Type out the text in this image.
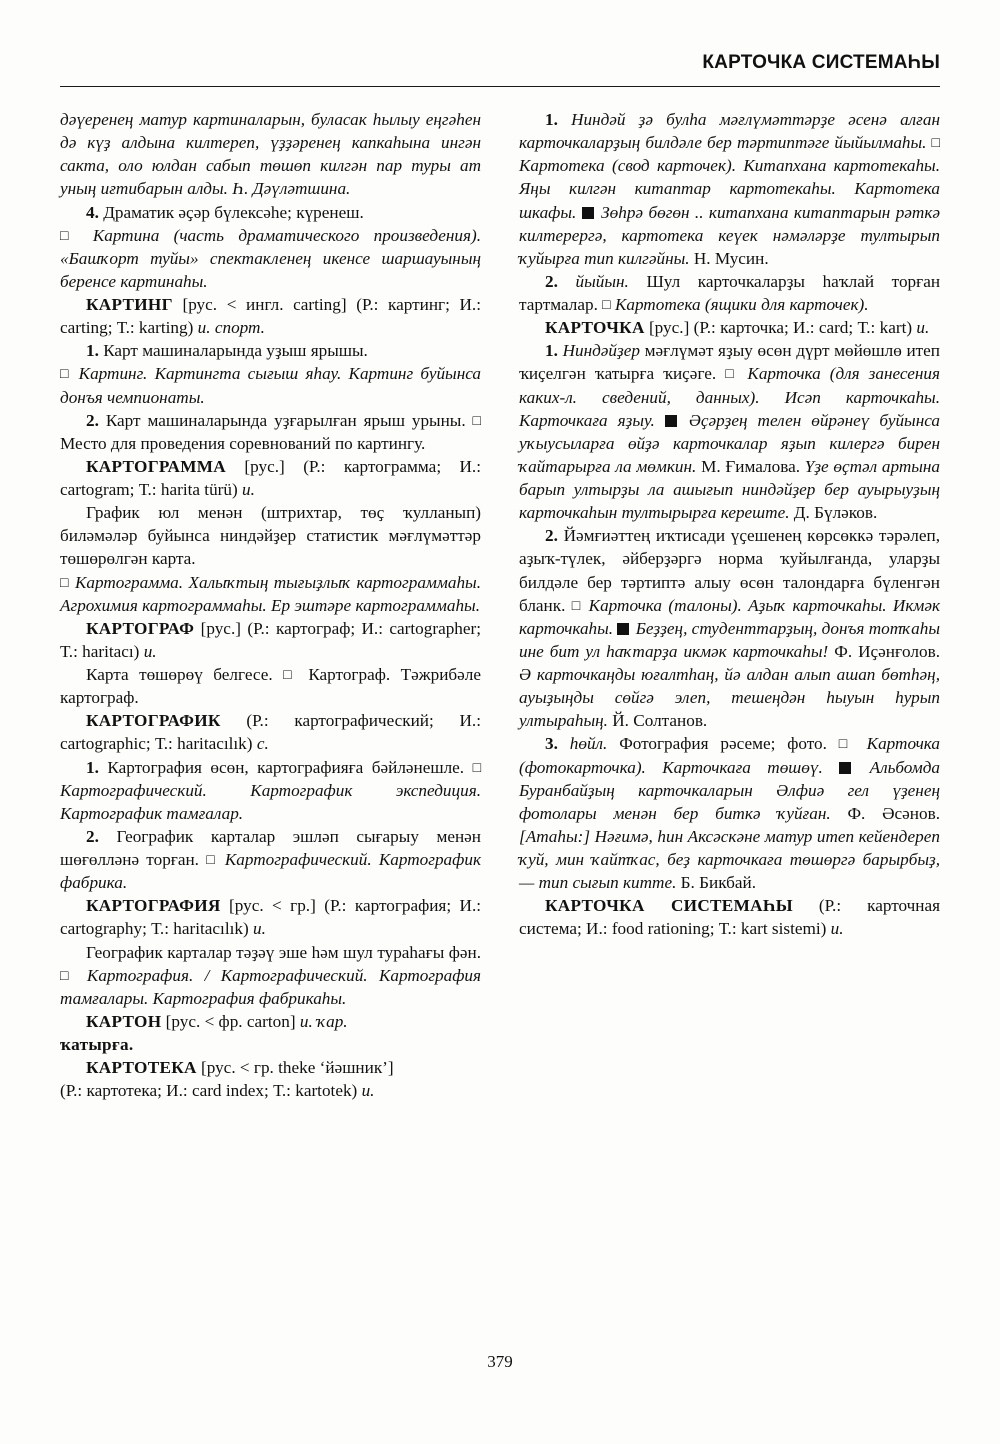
КАРТОЧКА СИСТЕМАҺЫ

дәүеренең матур картиналарын, буласак һылыу еңгәһен дә күҙ алдына килтереп, үҙҙәренең капкаһына ингән сакта, оло юлдан сабып төшөп килгән пар туры ат уның иғтибарын алды. Һ. Дәүләтшина.

4. Драматик әҫәр бүлексәһе; күренеш.

□ Картина (часть драматического произведения). «Башҡорт туйы» спектакленең икенсе шаршауының беренсе картинаһы.

КАРТИНГ [рус. < ингл. carting] (Р.: картинг; И.: carting; Т.: karting) и. спорт.

1. Карт машиналарында уҙыш ярышы.

□ Картинг. Картингта сығыш яһау. Картинг буйынса донъя чемпионаты.

2. Карт машиналарында уҙғарылған ярыш урыны. □ Место для проведения соревнований по картингу.

КАРТОГРАММА [рус.] (Р.: картограмма; И.: cartogram; Т.: harita türü) и.

График юл менән (штрихтар, төҫ ҡулланып) биләмәләр буйынса ниндәйҙер статистик мәғлүмәттәр төшөрөлгән карта.

□ Картограмма. Халыҡтың тығыҙлыҡ картограммаһы. Агрохимия картограммаһы. Ер эштәре картограммаһы.

КАРТОГРАФ [рус.] (Р.: картограф; И.: cartographer; Т.: haritacı) и.

Карта төшөрөү белгесе. □ Картограф. Тәжрибәле картограф.

КАРТОГРАФИК (Р.: картографический; И.: cartographic; Т.: haritacılık) с.

1. Картография өсөн, картографияға бәйләнешле. □ Картографический. Картографик экспедиция. Картографик тамғалар.

2. Географик карталар эшләп сығарыу менән шөғөлләнә торған. □ Картографический. Картографик фабрика.

КАРТОГРАФИЯ [рус. < гр.] (Р.: картография; И.: cartography; Т.: haritacılık) и.

Географик карталар тәҙәү эше һәм шул тураһағы фән. □ Картография. / Картографический. Картография тамғалары. Картография фабрикаһы.

КАРТОН [рус. < фр. carton] и. ҡар.

ҡатырға.

КАРТОТЕКА [рус. < гр. theke ‘йәшник’]

(Р.: картотека; И.: card index; Т.: kartotek) и.

1. Ниндәй ҙә булһа мәғлүмәттәрҙе әсенә алған карточкаларҙың билдәле бер тәртиптәге йыйылмаһы. □ Картотека (свод карточек). Китапхана картотекаһы. Яңы килгән китаптар картотекаһы. Картотека шкафы. Зөһрә бөгөн .. китапхана китаптарын рәткә килтерергә, картотека кеүек нәмәләрҙе тултырып ҡуйырға тип килгәйны. Н. Мусин.

2. йыйын. Шул карточкаларҙы һаҡлай торған тартмалар. □ Картотека (ящики для карточек).

КАРТОЧКА [рус.] (Р.: карточка; И.: card; Т.: kart) и.

1. Ниндәйҙер мәғлүмәт яҙыу өсөн дүрт мөйөшлө итеп ҡиҫелгән ҡатырға ҡиҫәге. □ Карточка (для занесения каких-л. сведений, данных). Исәп карточкаһы. Карточкаға яҙыу. Әҫәрҙең телен өйрәнеү буйынса уҡыусыларға өйҙә карточкалар яҙып килергә бирен ҡайтарырға ла мөмкин. М. Ғималова. Үҙе өҫтәл артына барып ултырҙы ла ашығып ниндәйҙер бер ауырыуҙың карточкаһын тултырырға кереште. Д. Бүләков.

2. Йәмғиәттең иҡтисади үҫешенең көрсөккә тәрәлеп, аҙыҡ-түлек, әйберҙәргә норма ҡуйылғанда, уларҙы билдәле бер тәртиптә алыу өсөн талондарға бүленгән бланк. □ Карточка (талоны). Аҙыҡ карточкаһы. Икмәк карточкаһы. Беҙҙең, студенттарҙың, донъя тотҡаһы ине бит ул һаҡтарҙа икмәк карточкаһы! Ф. Иҫәнғолов. Ә карточкаңды юғалтһаң, йә алдан алып ашап бөтһәң, ауыҙыңды сөйгә элеп, тешеңдән һыуын һурып ултыраһың. Й. Солтанов.

3. һөйл. Фотография рәсеме; фото. □ Карточка (фотокарточка). Карточкаға төшөү.	Альбомда Буранбайҙың карточкаларын Әлфиә гел үҙенең фотолары менән бер биткә ҡуйған. Ф. Әсәнов. [Атаһы:] Нәғимә, hин Аксәскәне матур итеп кейендереп ҡуй, мин ҡайтҡас, беҙ карточкаға төшөргә барырбыҙ, — тип сығып китте. Б. Бикбай.

КАРТОЧКА СИСТЕМАҺЫ (Р.: карточная система; И.: food rationing; Т.: kart sistemi) и.

379
